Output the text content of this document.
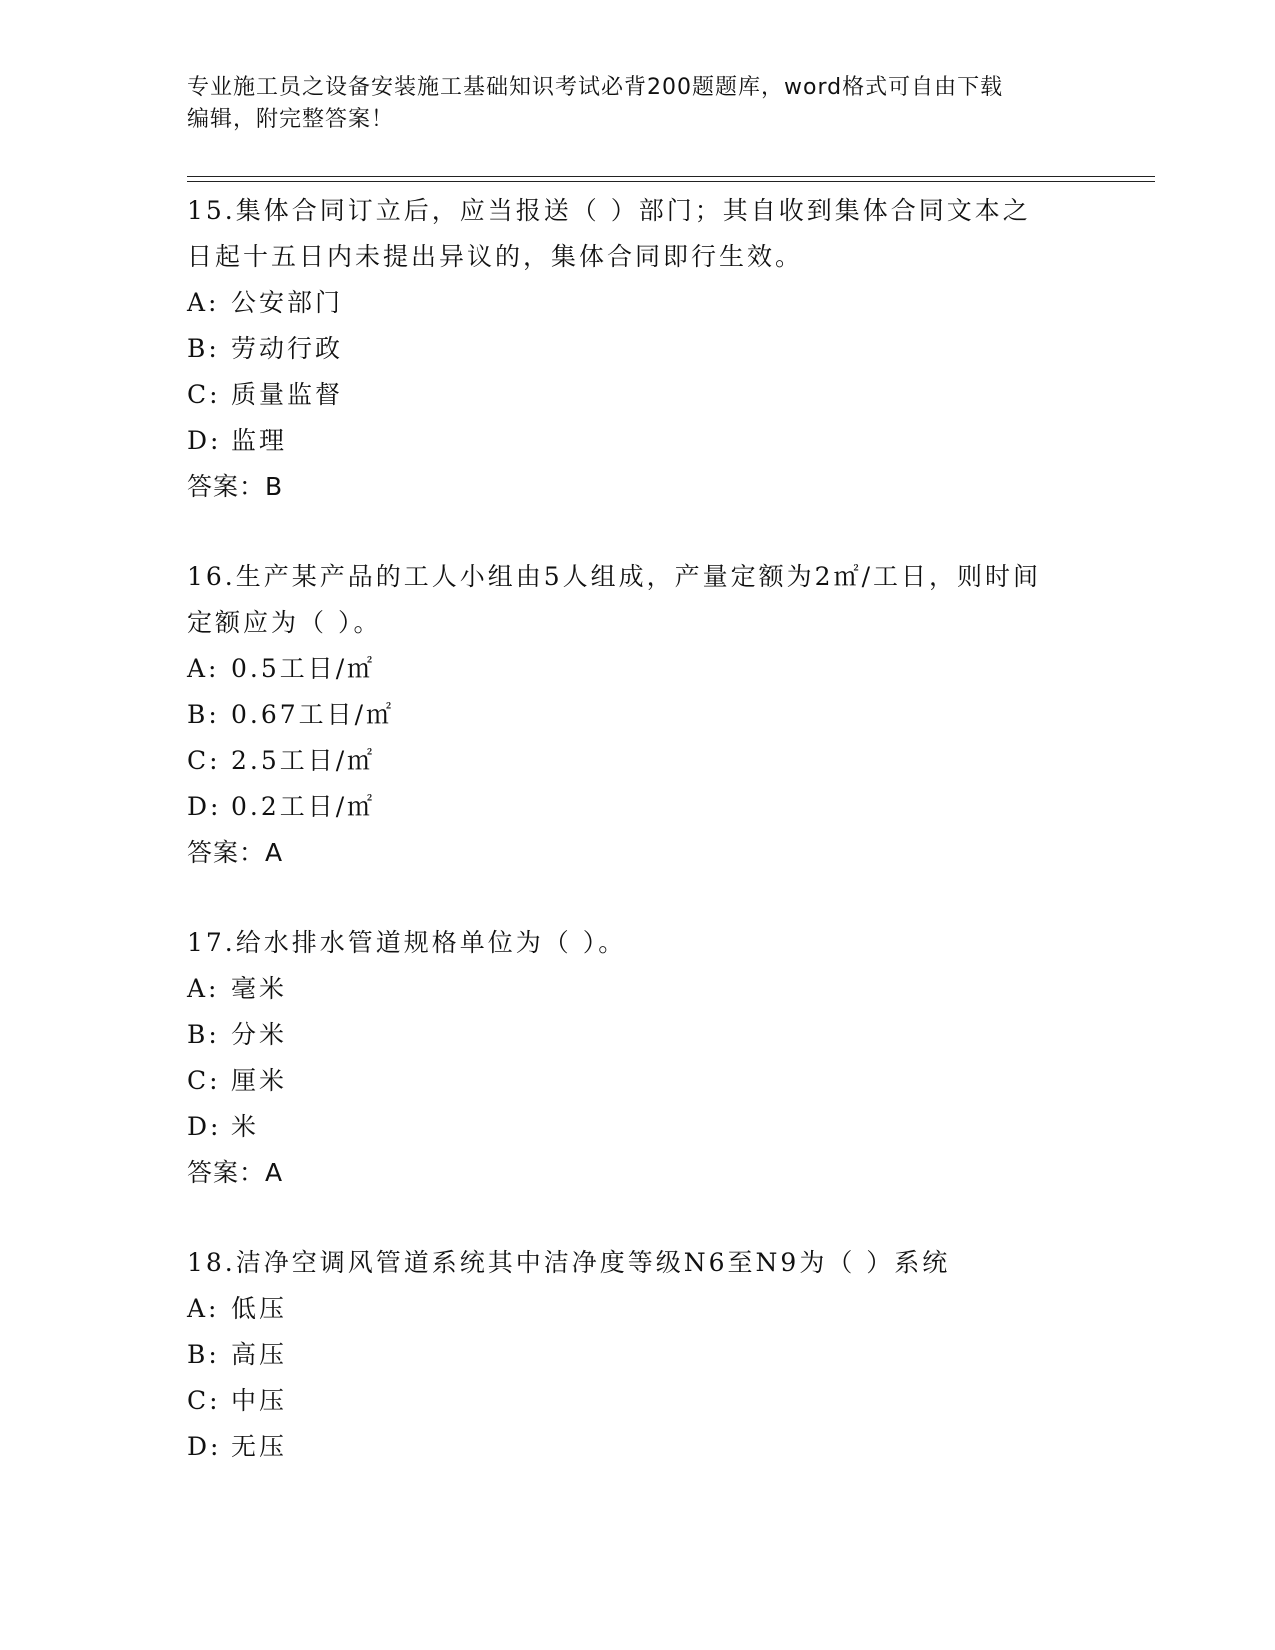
专业施工员之设备安装施工基础知识考试必背200题题库，word格式可自由下载
编辑，附完整答案！
15.集体合同订立后，应当报送（ ）部门；其自收到集体合同文本之
日起十五日内未提出异议的，集体合同即行生效。
A: 公安部门
B: 劳动行政
C: 质量监督
D: 监理
答案：B
16.生产某产品的工人小组由5人组成，产量定额为2㎡/工日，则时间
定额应为（ ）。
A: 0.5工日/㎡
B: 0.67工日/㎡
C: 2.5工日/㎡
D: 0.2工日/㎡
答案：A
17.给水排水管道规格单位为（ ）。
A: 毫米
B: 分米
C: 厘米
D: 米
答案：A
18.洁净空调风管道系统其中洁净度等级N6至N9为（ ）系统
A: 低压
B: 高压
C: 中压
D: 无压
